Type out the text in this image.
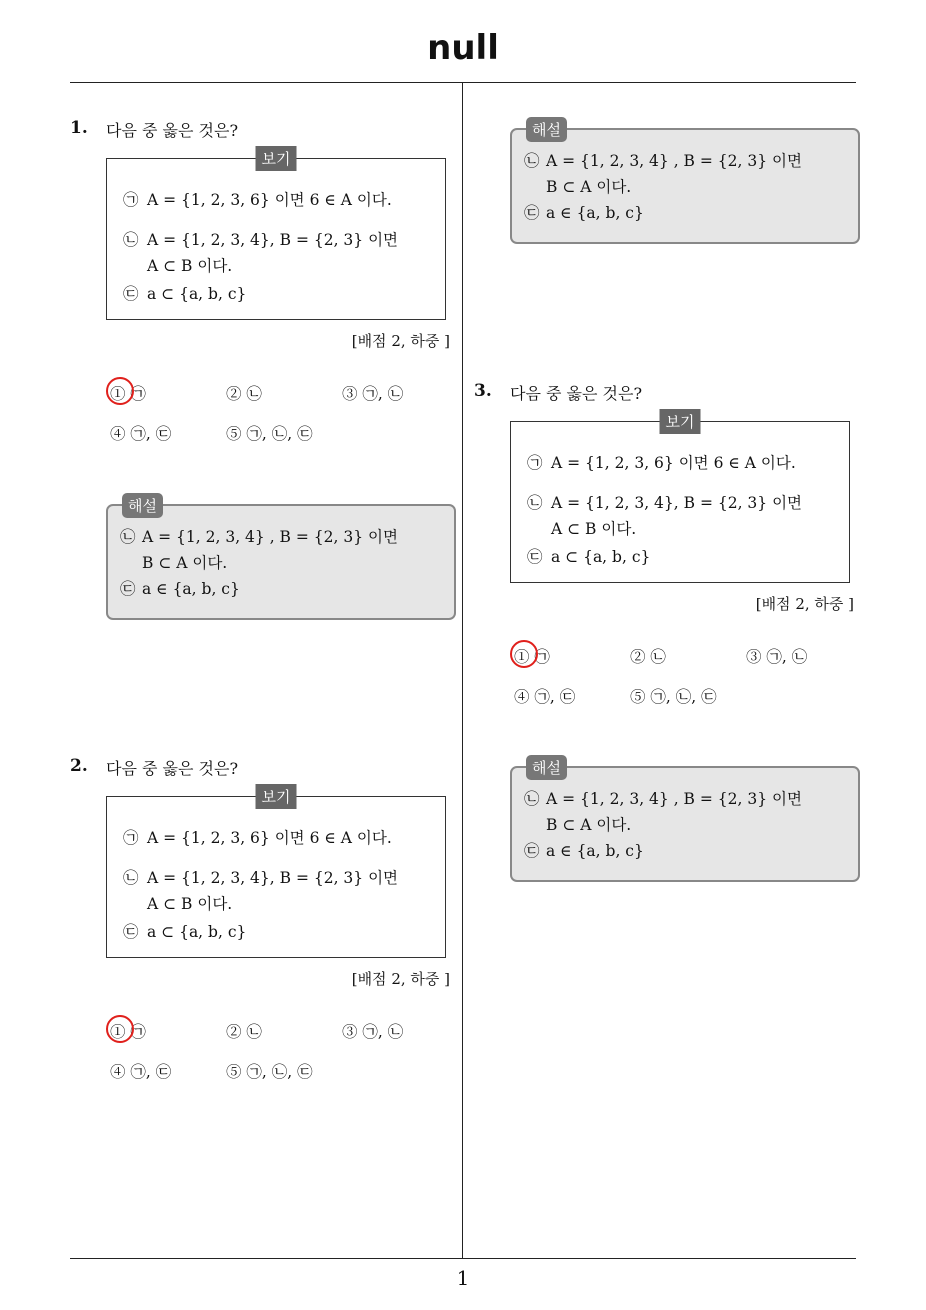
null
1
1. 다음 중 옳은 것은?
보기
㉠ A = {1, 2, 3, 6} 이면 6 ∈ A 이다.
㉡ A = {1, 2, 3, 4}, B = {2, 3} 이면
A ⊂ B 이다.
㉢ a ⊂ {a, b, c}
[배점 2, 하중 ]
① ㉠	② ㉡	③ ㉠, ㉡
④ ㉠, ㉢	⑤ ㉠, ㉡, ㉢
해설
㉡ A = {1, 2, 3, 4} , B = {2, 3} 이면
B ⊂ A 이다.
㉢ a ∈ {a, b, c}
2. 다음 중 옳은 것은?
보기
㉠ A = {1, 2, 3, 6} 이면 6 ∈ A 이다.
㉡ A = {1, 2, 3, 4}, B = {2, 3} 이면
A ⊂ B 이다.
㉢ a ⊂ {a, b, c}
[배점 2, 하중 ]
① ㉠	② ㉡	③ ㉠, ㉡
④ ㉠, ㉢	⑤ ㉠, ㉡, ㉢
해설
㉡ A = {1, 2, 3, 4} , B = {2, 3} 이면
B ⊂ A 이다.
㉢ a ∈ {a, b, c}
3. 다음 중 옳은 것은?
보기
㉠ A = {1, 2, 3, 6} 이면 6 ∈ A 이다.
㉡ A = {1, 2, 3, 4}, B = {2, 3} 이면
A ⊂ B 이다.
㉢ a ⊂ {a, b, c}
[배점 2, 하중 ]
① ㉠	② ㉡	③ ㉠, ㉡
④ ㉠, ㉢	⑤ ㉠, ㉡, ㉢
해설
㉡ A = {1, 2, 3, 4} , B = {2, 3} 이면
B ⊂ A 이다.
㉢ a ∈ {a, b, c}
